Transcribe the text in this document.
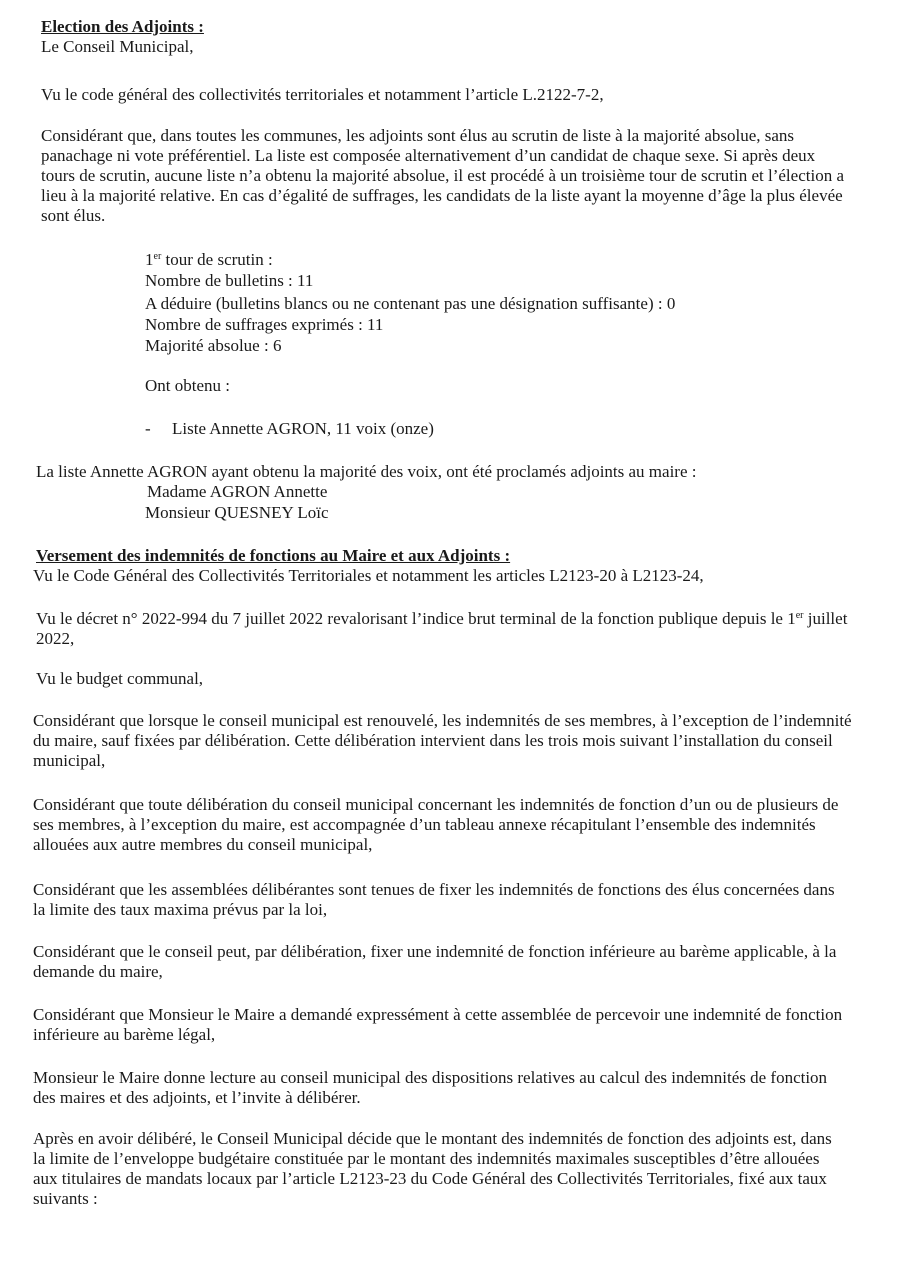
Election des Adjoints :
Le Conseil Municipal,
Vu le code général des collectivités territoriales et notamment l’article L.2122-7-2,
Considérant que, dans toutes les communes, les adjoints sont élus au scrutin de liste à la majorité absolue, sans
panachage ni vote préférentiel. La liste est composée alternativement d’un candidat de chaque sexe. Si après deux
tours de scrutin, aucune liste n’a obtenu la majorité absolue, il est procédé à un troisième tour de scrutin et l’élection a
lieu à la majorité relative. En cas d’égalité de suffrages, les candidats de la liste ayant la moyenne d’âge la plus élevée
sont élus.
1er tour de scrutin :
Nombre de bulletins : 11
A déduire (bulletins blancs ou ne contenant pas une désignation suffisante) : 0
Nombre de suffrages exprimés : 11
Majorité absolue : 6
Ont obtenu :
- Liste Annette AGRON, 11 voix (onze)
La liste Annette AGRON ayant obtenu la majorité des voix, ont été proclamés adjoints au maire :
Madame AGRON Annette
Monsieur QUESNEY Loïc
Versement des indemnités de fonctions au Maire et aux Adjoints :
Vu le Code Général des Collectivités Territoriales et notamment les articles L2123-20 à L2123-24,
Vu le décret n° 2022-994 du 7 juillet 2022 revalorisant l’indice brut terminal de la fonction publique depuis le 1er juillet
2022,
Vu le budget communal,
Considérant que lorsque le conseil municipal est renouvelé, les indemnités de ses membres, à l’exception de l’indemnité
du maire, sauf fixées par délibération. Cette délibération intervient dans les trois mois suivant l’installation du conseil
municipal,
Considérant que toute délibération du conseil municipal concernant les indemnités de fonction d’un ou de plusieurs de
ses membres, à l’exception du maire, est accompagnée d’un tableau annexe récapitulant l’ensemble des indemnités
allouées aux autre membres du conseil municipal,
Considérant que les assemblées délibérantes sont tenues de fixer les indemnités de fonctions des élus concernées dans
la limite des taux maxima prévus par la loi,
Considérant que le conseil peut, par délibération, fixer une indemnité de fonction inférieure au barème applicable, à la
demande du maire,
Considérant que Monsieur le Maire a demandé expressément à cette assemblée de percevoir une indemnité de fonction
inférieure au barème légal,
Monsieur le Maire donne lecture au conseil municipal des dispositions relatives au calcul des indemnités de fonction
des maires et des adjoints, et l’invite à délibérer.
Après en avoir délibéré, le Conseil Municipal décide que le montant des indemnités de fonction des adjoints est, dans
la limite de l’enveloppe budgétaire constituée par le montant des indemnités maximales susceptibles d’être allouées
aux titulaires de mandats locaux par l’article L2123-23 du Code Général des Collectivités Territoriales, fixé aux taux
suivants :
